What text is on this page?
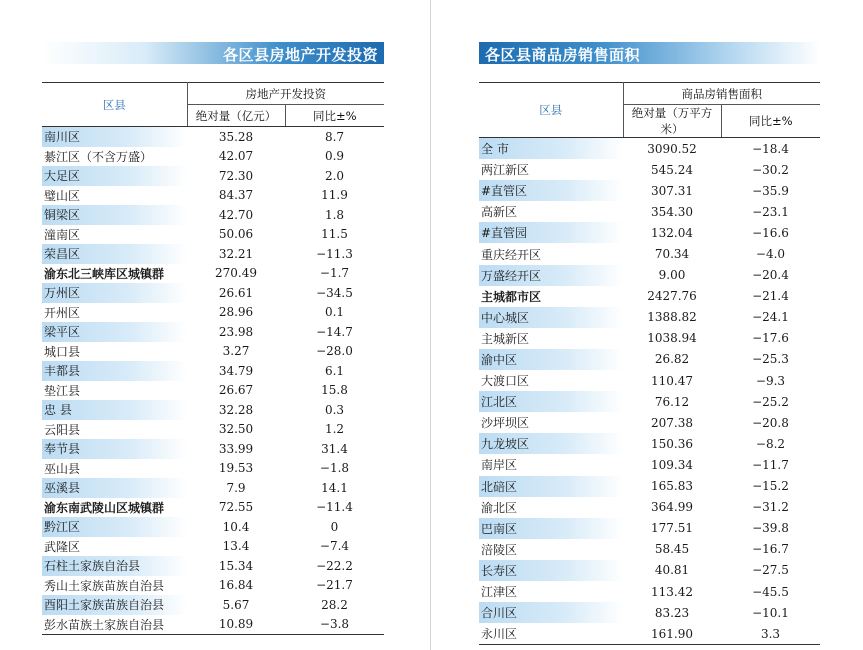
各区县房地产开发投资
区县	房地产开发投资	
	绝对量（亿元）	同比±%
南川区	35.28	8.7
綦江区（不含万盛）	42.07	0.9
大足区	72.30	2.0
璧山区	84.37	11.9
铜梁区	42.70	1.8
潼南区	50.06	11.5
荣昌区	32.21	−11.3
渝东北三峡库区城镇群	270.49	−1.7
万州区	26.61	−34.5
开州区	28.96	0.1
梁平区	23.98	−14.7
城口县	3.27	−28.0
丰都县	34.79	6.1
垫江县	26.67	15.8
忠 县	32.28	0.3
云阳县	32.50	1.2
奉节县	33.99	31.4
巫山县	19.53	−1.8
巫溪县	7.9	14.1
渝东南武陵山区城镇群	72.55	−11.4
黔江区	10.4	0
武隆区	13.4	−7.4
石柱土家族自治县	15.34	−22.2
秀山土家族苗族自治县	16.84	−21.7
酉阳土家族苗族自治县	5.67	28.2
彭水苗族土家族自治县	10.89	−3.8
各区县商品房销售面积
区县	商品房销售面积	
	绝对量（万平方米）	同比±%
全 市	3090.52	−18.4
两江新区	545.24	−30.2
#直管区	307.31	−35.9
高新区	354.30	−23.1
#直管园	132.04	−16.6
重庆经开区	70.34	−4.0
万盛经开区	9.00	−20.4
主城都市区	2427.76	−21.4
中心城区	1388.82	−24.1
主城新区	1038.94	−17.6
渝中区	26.82	−25.3
大渡口区	110.47	−9.3
江北区	76.12	−25.2
沙坪坝区	207.38	−20.8
九龙坡区	150.36	−8.2
南岸区	109.34	−11.7
北碚区	165.83	−15.2
渝北区	364.99	−31.2
巴南区	177.51	−39.8
涪陵区	58.45	−16.7
长寿区	40.81	−27.5
江津区	113.42	−45.5
合川区	83.23	−10.1
永川区	161.90	3.3
